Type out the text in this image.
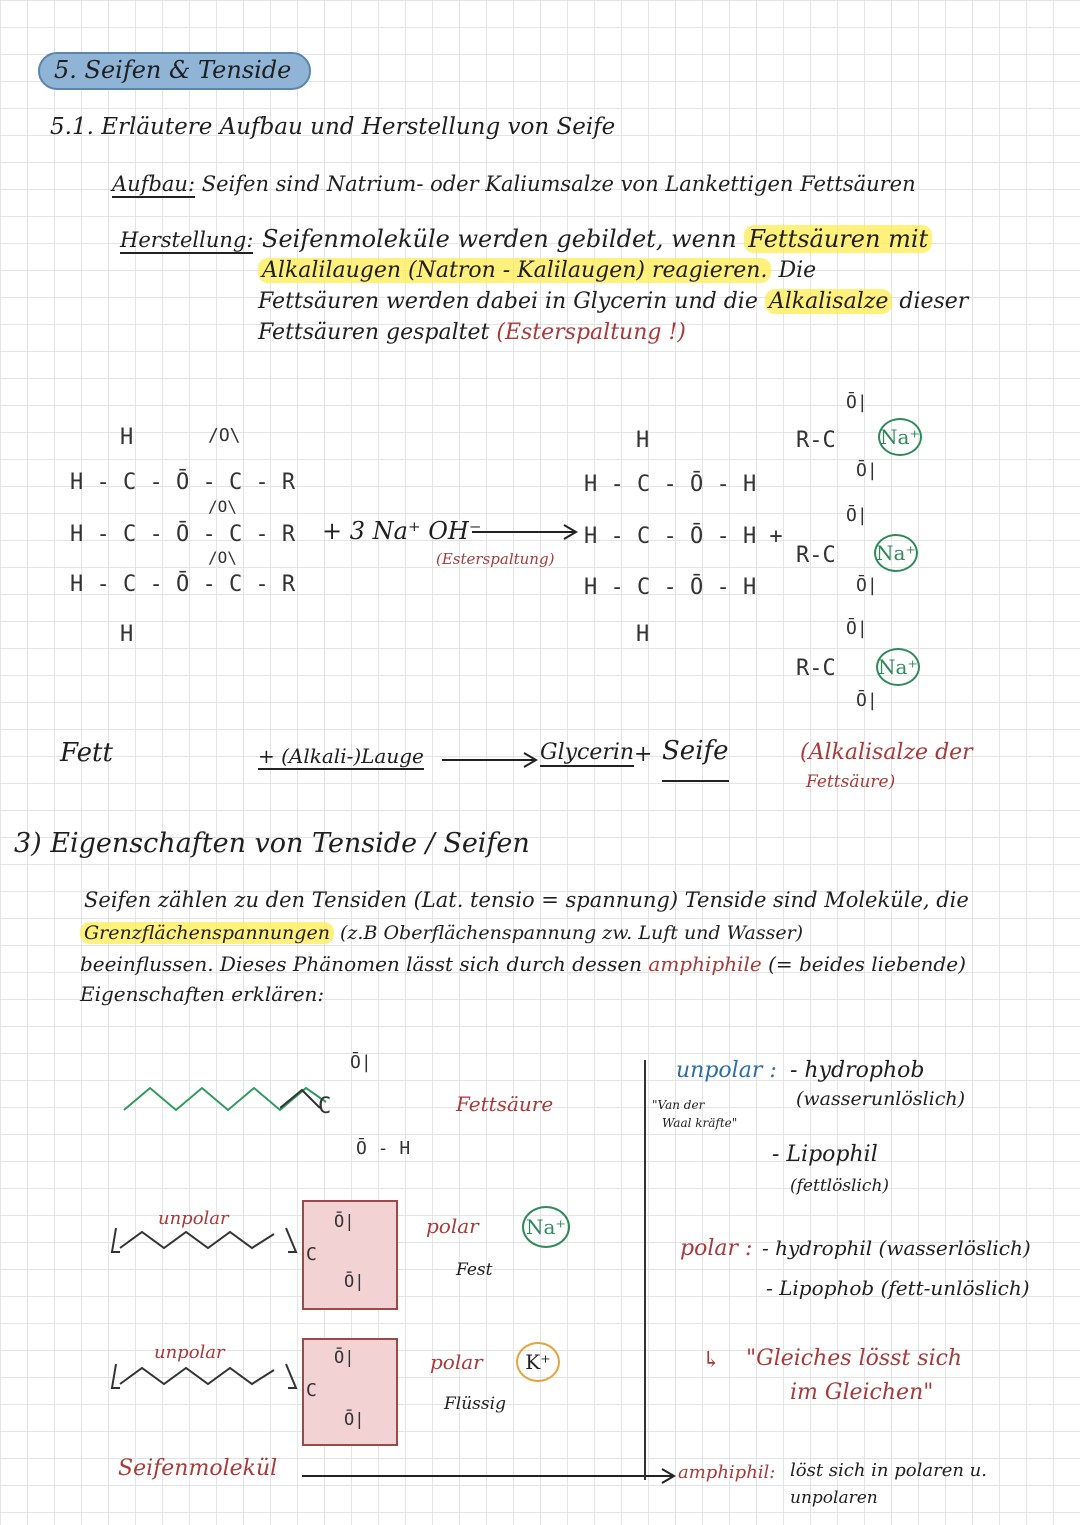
5. Seifen & Tenside
5.1. Erläutere Aufbau und Herstellung von Seife
Aufbau: Seifen sind Natrium- oder Kaliumsalze von Lankettigen Fettsäuren
Herstellung: Seifenmoleküle werden gebildet, wenn Fettsäuren mit
Alkalilaugen (Natron - Kalilaugen) reagieren. Die
Fettsäuren werden dabei in Glycerin und die Alkalisalze dieser
Fettsäuren gespaltet (Esterspaltung !)
H	/O\
H - C - Ō - C - R
/O\
H - C - Ō - C - R
/O\
H - C - Ō - C - R
H
+ 3 Na⁺ OH⁻
(Esterspaltung)
H
H - C - Ō - H
H - C - Ō - H +
H - C - Ō - H
H
Ō|
R-C
Ō|
Na⁺
Ō|
R-C
Ō|
Na⁺
Ō|
R-C
Ō|
Na⁺
Fett	+ (Alkali-)Lauge	Glycerin + Seife	(Alkalisalze der
Fettsäure)
3) Eigenschaften von Tenside / Seifen
Seifen zählen zu den Tensiden (Lat. tensio = spannung) Tenside sind Moleküle, die
Grenzflächenspannungen (z.B Oberflächenspannung zw. Luft und Wasser)
beeinflussen. Dieses Phänomen lässt sich durch dessen amphiphile (= beides liebende)
Eigenschaften erklären:
C
Ō|
Ō - H
Fettsäure
unpolar
C
Ō|
Ō|
polar
Fest
Na⁺
unpolar
C
Ō|
Ō|
polar
Flüssig
K⁺
Seifenmolekül
unpolar : - hydrophob
(wasserunlöslich)
"Van der
Waal kräfte"
- Lipophil
(fettlöslich)
polar : - hydrophil (wasserlöslich)
- Lipophob (fett-unlöslich)
↳ "Gleiches lösst sich
im Gleichen"
amphiphil: löst sich in polaren u.
unpolaren
